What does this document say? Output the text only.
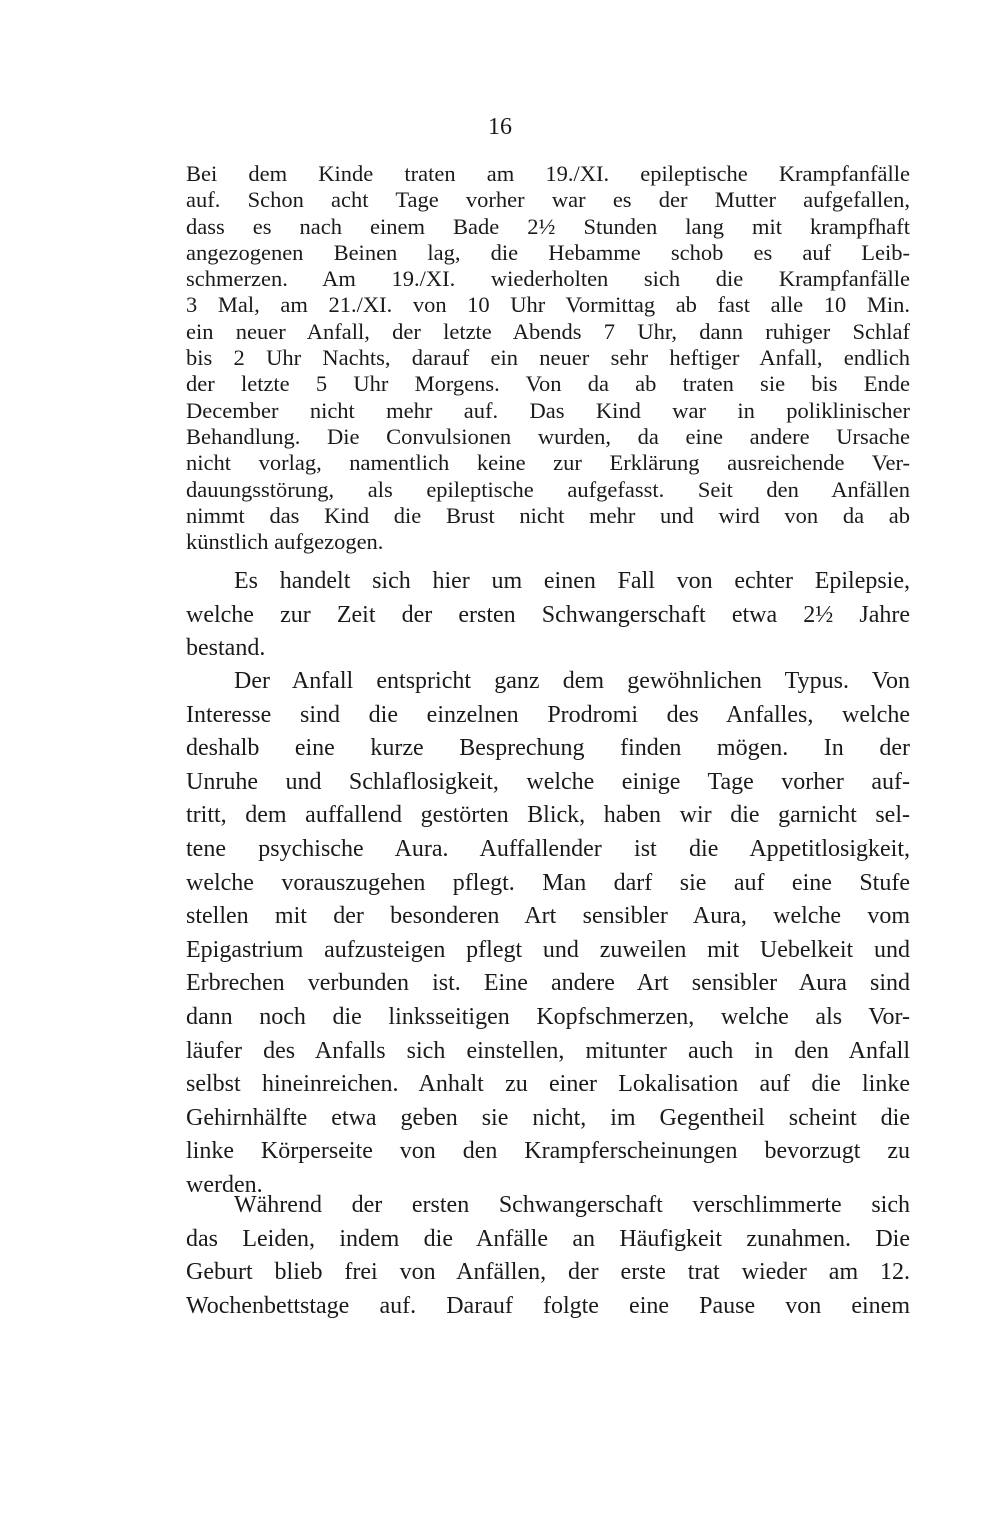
16
Bei dem Kinde traten am 19./XI. epileptische Krampfanfälle
auf. Schon acht Tage vorher war es der Mutter aufgefallen,
dass es nach einem Bade 2½ Stunden lang mit krampfhaft
angezogenen Beinen lag, die Hebamme schob es auf Leib-
schmerzen. Am 19./XI. wiederholten sich die Krampfanfälle
3 Mal, am 21./XI. von 10 Uhr Vormittag ab fast alle 10 Min.
ein neuer Anfall, der letzte Abends 7 Uhr, dann ruhiger Schlaf
bis 2 Uhr Nachts, darauf ein neuer sehr heftiger Anfall, endlich
der letzte 5 Uhr Morgens. Von da ab traten sie bis Ende
December nicht mehr auf. Das Kind war in poliklinischer
Behandlung. Die Convulsionen wurden, da eine andere Ursache
nicht vorlag, namentlich keine zur Erklärung ausreichende Ver-
dauungsstörung, als epileptische aufgefasst. Seit den Anfällen
nimmt das Kind die Brust nicht mehr und wird von da ab
künstlich aufgezogen.
Es handelt sich hier um einen Fall von echter Epilepsie,
welche zur Zeit der ersten Schwangerschaft etwa 2½ Jahre
bestand.
Der Anfall entspricht ganz dem gewöhnlichen Typus. Von
Interesse sind die einzelnen Prodromi des Anfalles, welche
deshalb eine kurze Besprechung finden mögen. In der
Unruhe und Schlaflosigkeit, welche einige Tage vorher auf-
tritt, dem auffallend gestörten Blick, haben wir die garnicht sel-
tene psychische Aura. Auffallender ist die Appetitlosigkeit,
welche vorauszugehen pflegt. Man darf sie auf eine Stufe
stellen mit der besonderen Art sensibler Aura, welche vom
Epigastrium aufzusteigen pflegt und zuweilen mit Uebelkeit und
Erbrechen verbunden ist. Eine andere Art sensibler Aura sind
dann noch die linksseitigen Kopfschmerzen, welche als Vor-
läufer des Anfalls sich einstellen, mitunter auch in den Anfall
selbst hineinreichen. Anhalt zu einer Lokalisation auf die linke
Gehirnhälfte etwa geben sie nicht, im Gegentheil scheint die
linke Körperseite von den Krampferscheinungen bevorzugt zu
werden.
Während der ersten Schwangerschaft verschlimmerte sich
das Leiden, indem die Anfälle an Häufigkeit zunahmen. Die
Geburt blieb frei von Anfällen, der erste trat wieder am 12.
Wochenbettstage auf. Darauf folgte eine Pause von einem
